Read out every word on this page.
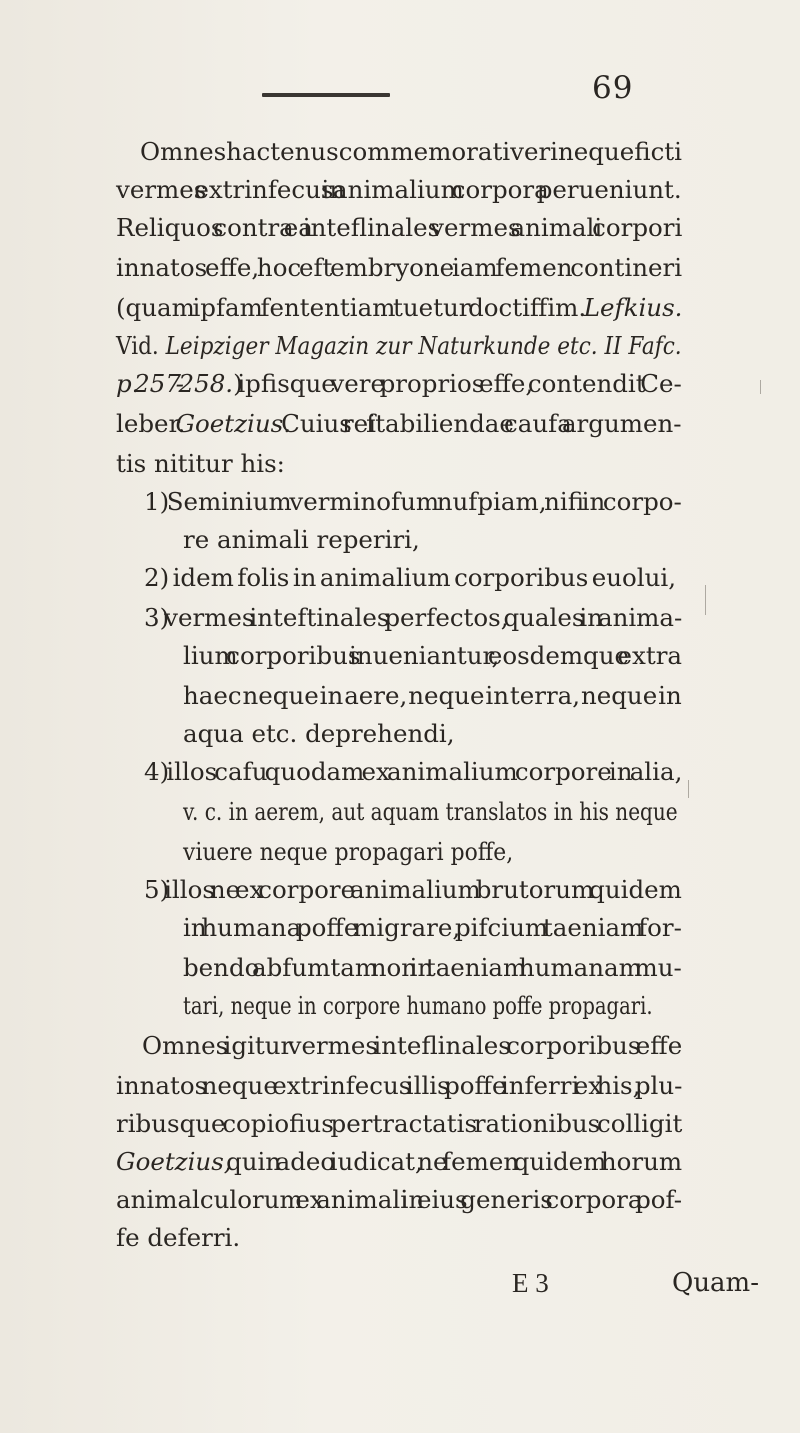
69
Omnes hactenus commemorati veri neque ficti
vermes extrinfecus in animalium corpora perueniunt.
Reliquos contra ea inteflinales vermes animali corpori
innatos effe, hoc eft embryone iam femen contineri
(quam ipfam fententiam tuetur doctiffim. Lefkius.
Vid. Leipziger Magazin zur Naturkunde etc. II Fafc.
p. 257 - 258.) ipfisque vere proprios effe, contendit Ce-
leber. Goetzius. Cuius rei ftabiliendae caufa argumen-
tis nititur his:
1) Seminium verminofum nufpiam, nifi in corpo-
re animali reperiri,
2) idem folis in animalium corporibus euolui,
3) vermes inteftinales perfectos, quales in anima-
lium corporibus inueniantur, eosdemque extra
haec neque in aere, neque in terra, neque in
aqua etc. deprehendi,
4) illos cafu quodam ex animalium corpore in alia,
v. c. in aerem, aut aquam translatos in his neque
viuere neque propagari poffe,
5) illos ne ex corpore animalium brutorum quidem
in humana poffe migrare, pifcium taeniam for-
bendo abfumtam non in taeniam humanam mu-
tari, neque in corpore humano poffe propagari.
Omnes igitur vermes inteflinales corporibus effe
innatos neque extrinfecus illis poffe inferri ex his, plu-
ribusque copiofius pertractatis rationibus colligit
Goetzius, quin adeo iudicat, ne femen quidem horum
animalculorum ex animali in eius generis corpora pof-
fe deferri.
E 3	Quam-
